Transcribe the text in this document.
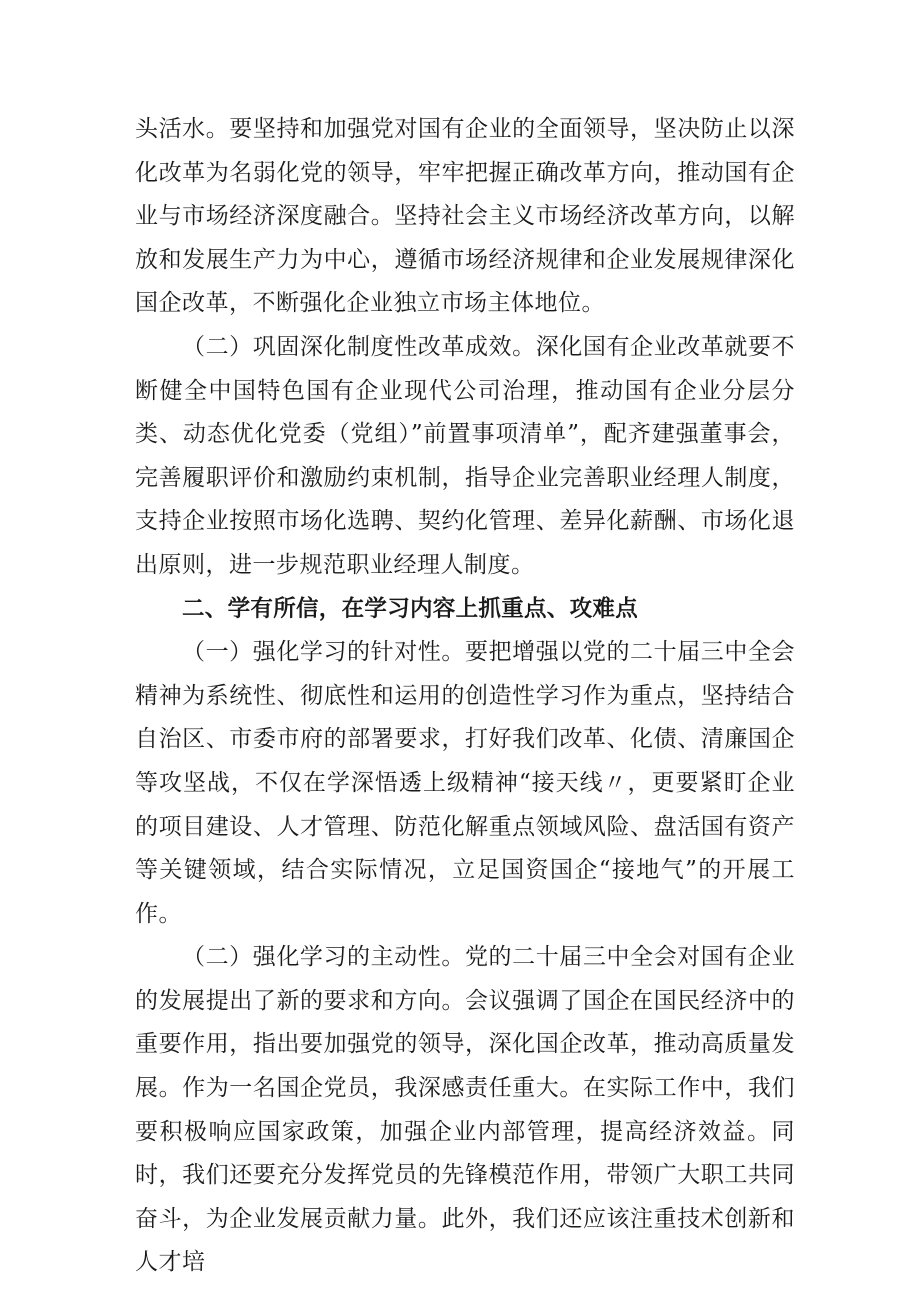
头活水。要坚持和加强党对国有企业的全面领导，坚决防止以深化改革为名弱化党的领导，牢牢把握正确改革方向，推动国有企业与市场经济深度融合。坚持社会主义市场经济改革方向，以解放和发展生产力为中心，遵循市场经济规律和企业发展规律深化国企改革，不断强化企业独立市场主体地位。

（二）巩固深化制度性改革成效。深化国有企业改革就要不断健全中国特色国有企业现代公司治理，推动国有企业分层分类、动态优化党委（党组）”前置事项清单”，配齐建强董事会，完善履职评价和激励约束机制，指导企业完善职业经理人制度，支持企业按照市场化选聘、契约化管理、差异化薪酬、市场化退出原则，进一步规范职业经理人制度。

二、学有所信，在学习内容上抓重点、攻难点

（一）强化学习的针对性。要把增强以党的二十届三中全会精神为系统性、彻底性和运用的创造性学习作为重点，坚持结合自治区、市委市府的部署要求，打好我们改革、化债、清廉国企等攻坚战，不仅在学深悟透上级精神“接天线〃，更要紧盯企业的项目建设、人才管理、防范化解重点领域风险、盘活国有资产等关键领域，结合实际情况，立足国资国企“接地气”的开展工作。

（二）强化学习的主动性。党的二十届三中全会对国有企业的发展提出了新的要求和方向。会议强调了国企在国民经济中的重要作用，指出要加强党的领导，深化国企改革，推动高质量发展。作为一名国企党员，我深感责任重大。在实际工作中，我们要积极响应国家政策，加强企业内部管理，提高经济效益。同时，我们还要充分发挥党员的先锋模范作用，带领广大职工共同奋斗，为企业发展贡献力量。此外，我们还应该注重技术创新和人才培
